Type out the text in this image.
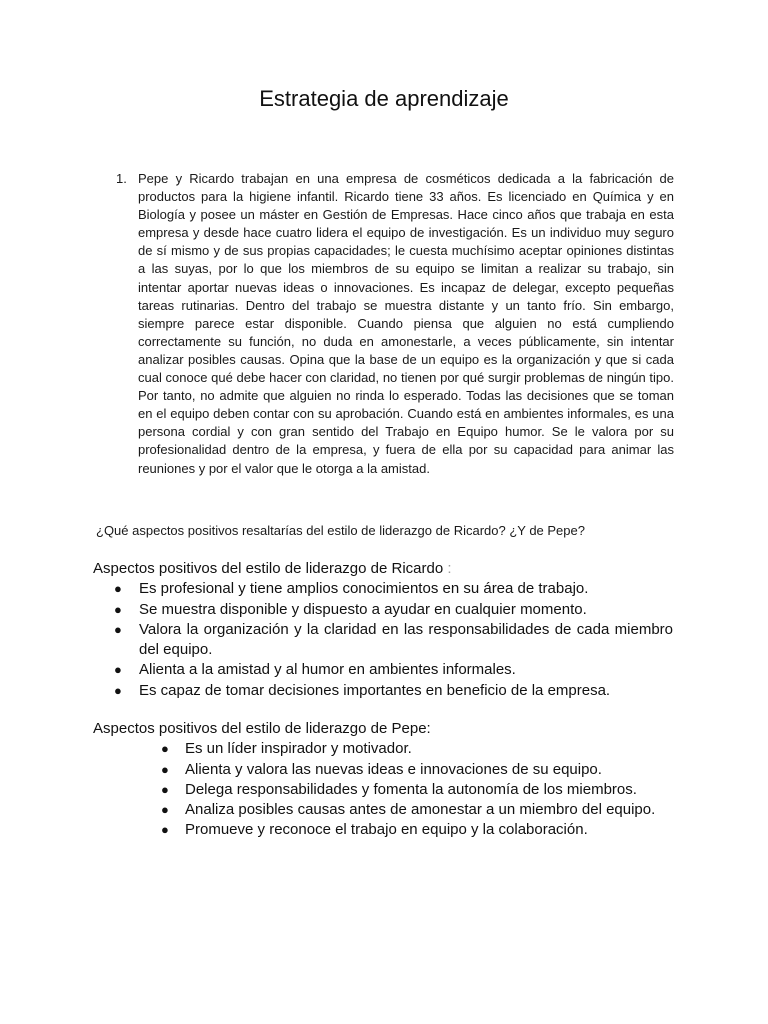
Estrategia de aprendizaje
1. Pepe y Ricardo trabajan en una empresa de cosméticos dedicada a la fabricación de productos para la higiene infantil. Ricardo tiene 33 años. Es licenciado en Química y en Biología y posee un máster en Gestión de Empresas. Hace cinco años que trabaja en esta empresa y desde hace cuatro lidera el equipo de investigación. Es un individuo muy seguro de sí mismo y de sus propias capacidades; le cuesta muchísimo aceptar opiniones distintas a las suyas, por lo que los miembros de su equipo se limitan a realizar su trabajo, sin intentar aportar nuevas ideas o innovaciones. Es incapaz de delegar, excepto pequeñas tareas rutinarias. Dentro del trabajo se muestra distante y un tanto frío. Sin embargo, siempre parece estar disponible. Cuando piensa que alguien no está cumpliendo correctamente su función, no duda en amonestarle, a veces públicamente, sin intentar analizar posibles causas. Opina que la base de un equipo es la organización y que si cada cual conoce qué debe hacer con claridad, no tienen por qué surgir problemas de ningún tipo. Por tanto, no admite que alguien no rinda lo esperado. Todas las decisiones que se toman en el equipo deben contar con su aprobación. Cuando está en ambientes informales, es una persona cordial y con gran sentido del Trabajo en Equipo humor. Se le valora por su profesionalidad dentro de la empresa, y fuera de ella por su capacidad para animar las reuniones y por el valor que le otorga a la amistad.
¿Qué aspectos positivos resaltarías del estilo de liderazgo de Ricardo? ¿Y de Pepe?

Aspectos positivos del estilo de liderazgo de Ricardo :

● Es profesional y tiene amplios conocimientos en su área de trabajo.
● Se muestra disponible y dispuesto a ayudar en cualquier momento.
● Valora la organización y la claridad en las responsabilidades de cada miembro del equipo.
● Alienta a la amistad y al humor en ambientes informales.
● Es capaz de tomar decisiones importantes en beneficio de la empresa.

Aspectos positivos del estilo de liderazgo de Pepe:

● Es un líder inspirador y motivador.
● Alienta y valora las nuevas ideas e innovaciones de su equipo.
● Delega responsabilidades y fomenta la autonomía de los miembros.
● Analiza posibles causas antes de amonestar a un miembro del equipo.
● Promueve y reconoce el trabajo en equipo y la colaboración.
